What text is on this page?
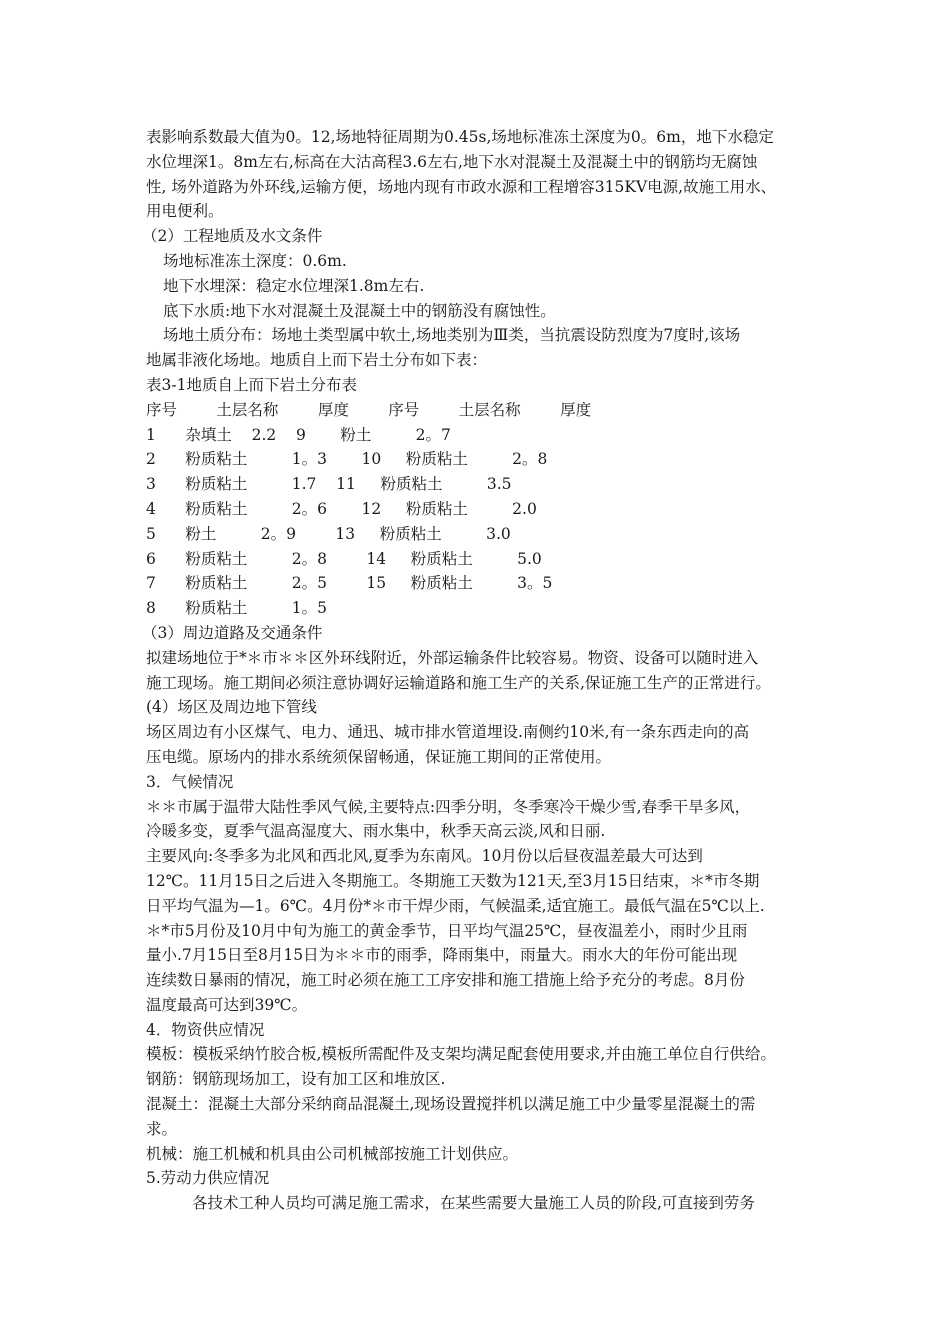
表影响系数最大值为0。12,场地特征周期为0.45s,场地标准冻土深度为0。6m，地下水稳定

水位埋深1。8m左右,标高在大沽高程3.6左右,地下水对混凝土及混凝土中的钢筋均无腐蚀

性, 场外道路为外环线,运输方便，场地内现有市政水源和工程增容315KV电源,故施工用水、

用电便利。

（2）工程地质及水文条件

场地标准冻土深度：0.6m.

地下水埋深：稳定水位埋深1.8m左右.

底下水质:地下水对混凝土及混凝土中的钢筋没有腐蚀性。

场地土质分布：场地土类型属中软土,场地类别为Ⅲ类，当抗震设防烈度为7度时,该场

地属非液化场地。地质自上而下岩土分布如下表：

表3-1地质自上而下岩土分布表

序号        土层名称        厚度        序号        土层名称        厚度
1      杂填土    2.2    9       粉土         2。7
2      粉质粘土         1。3       10     粉质粘土         2。8
3      粉质粘土         1.7    11     粉质粘土         3.5
4      粉质粘土         2。6       12     粉质粘土         2.0
5      粉土         2。9        13     粉质粘土         3.0
6      粉质粘土         2。8        14     粉质粘土         5.0
7      粉质粘土         2。5        15     粉质粘土         3。5
8      粉质粘土         1。5

（3）周边道路及交通条件

拟建场地位于*＊市＊＊区外环线附近，外部运输条件比较容易。物资、设备可以随时进入

施工现场。施工期间必须注意协调好运输道路和施工生产的关系,保证施工生产的正常进行。

(4）场区及周边地下管线

场区周边有小区煤气、电力、通迅、城市排水管道埋设.南侧约10米,有一条东西走向的高

压电缆。原场内的排水系统须保留畅通，保证施工期间的正常使用。

3．气候情况

＊＊市属于温带大陆性季风气候,主要特点:四季分明，冬季寒冷干燥少雪,春季干旱多风，

冷暖多变，夏季气温高湿度大、雨水集中，秋季天高云淡,风和日丽.

主要风向:冬季多为北风和西北风,夏季为东南风。10月份以后昼夜温差最大可达到

12℃。11月15日之后进入冬期施工。冬期施工天数为121天,至3月15日结束，＊*市冬期

日平均气温为—1。6℃。4月份*＊市干焊少雨，气候温柔,适宜施工。最低气温在5℃以上.

＊*市5月份及10月中旬为施工的黄金季节，日平均气温25℃，昼夜温差小，雨时少且雨

量小.7月15日至8月15日为＊＊市的雨季，降雨集中，雨量大。雨水大的年份可能出现

连续数日暴雨的情况，施工时必须在施工工序安排和施工措施上给予充分的考虑。8月份

温度最高可达到39℃。

4．物资供应情况

模板：模板采纳竹胶合板,模板所需配件及支架均满足配套使用要求,并由施工单位自行供给。

钢筋：钢筋现场加工，设有加工区和堆放区.

混凝土：混凝土大部分采纳商品混凝土,现场设置搅拌机以满足施工中少量零星混凝土的需

求。

机械：施工机械和机具由公司机械部按施工计划供应。

5.劳动力供应情况

各技术工种人员均可满足施工需求，在某些需要大量施工人员的阶段,可直接到劳务
